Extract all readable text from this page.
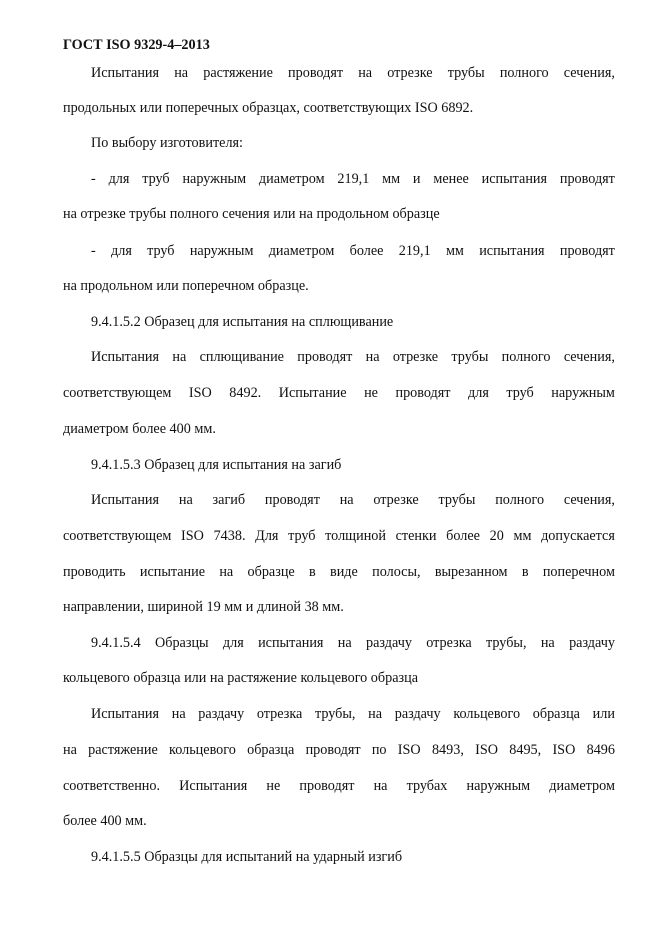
ГОСТ ISO 9329-4–2013
Испытания на растяжение проводят на отрезке трубы полного сечения,
продольных или поперечных образцах, соответствующих ISO 6892.
По выбору изготовителя:
- для труб наружным диаметром 219,1 мм и менее испытания проводят
на отрезке трубы полного сечения или на продольном образце
- для труб наружным диаметром более 219,1 мм испытания проводят
на продольном или поперечном образце.
9.4.1.5.2 Образец для испытания на сплющивание
Испытания на сплющивание проводят на отрезке трубы полного сечения,
соответствующем ISO 8492. Испытание не проводят для труб наружным
диаметром более 400 мм.
9.4.1.5.3 Образец для испытания на загиб
Испытания на загиб проводят на отрезке трубы полного сечения,
соответствующем ISO 7438. Для труб толщиной стенки более 20 мм допускается
проводить испытание на образце в виде полосы, вырезанном в поперечном
направлении, шириной 19 мм и длиной 38 мм.
9.4.1.5.4 Образцы для испытания на раздачу отрезка трубы, на раздачу
кольцевого образца или на растяжение кольцевого образца
Испытания на раздачу отрезка трубы, на раздачу кольцевого образца или
на растяжение кольцевого образца проводят по ISO 8493, ISO 8495, ISO 8496
соответственно. Испытания не проводят на трубах наружным диаметром
более 400 мм.
9.4.1.5.5 Образцы для испытаний на ударный изгиб
